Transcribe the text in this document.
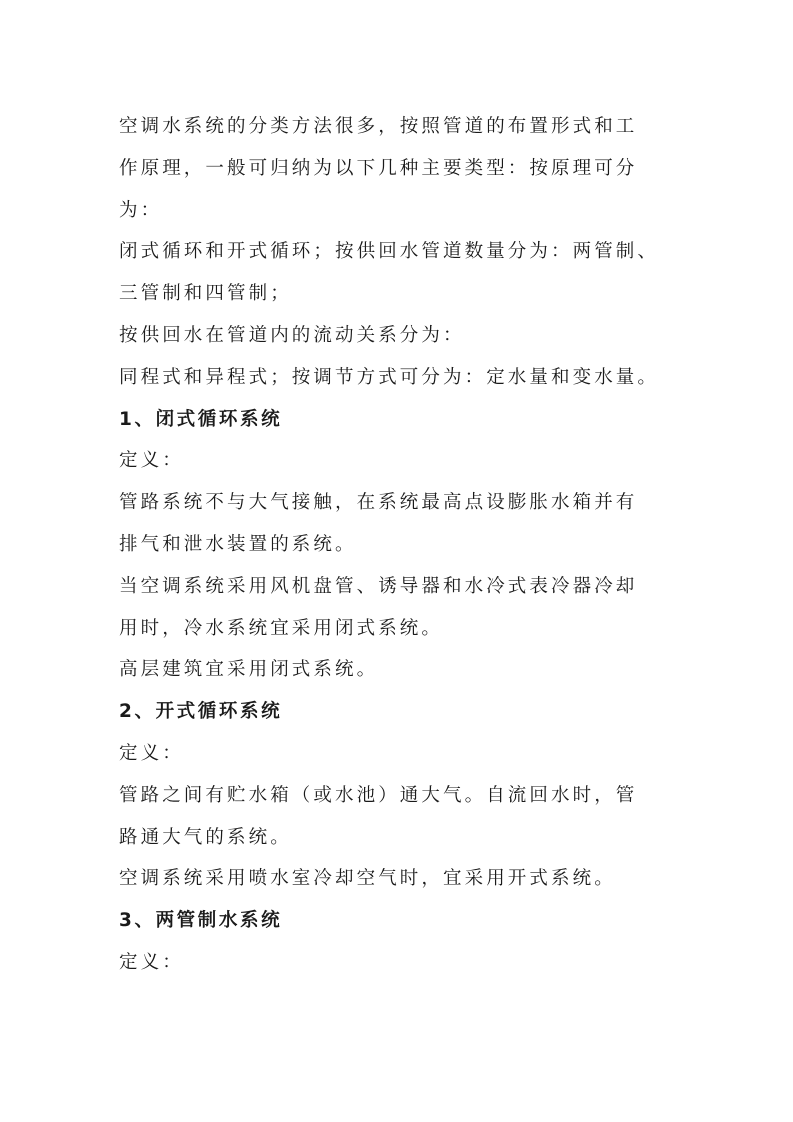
空调水系统的分类方法很多，按照管道的布置形式和工
作原理，一般可归纳为以下几种主要类型：按原理可分
为：
闭式循环和开式循环；按供回水管道数量分为：两管制、
三管制和四管制；
按供回水在管道内的流动关系分为：
同程式和异程式；按调节方式可分为：定水量和变水量。
1、闭式循环系统
定义：
管路系统不与大气接触，在系统最高点设膨胀水箱并有
排气和泄水装置的系统。
当空调系统采用风机盘管、诱导器和水冷式表冷器冷却
用时，冷水系统宜采用闭式系统。
高层建筑宜采用闭式系统。
2、开式循环系统
定义：
管路之间有贮水箱（或水池）通大气。自流回水时，管
路通大气的系统。
空调系统采用喷水室冷却空气时，宜采用开式系统。
3、两管制水系统
定义：
